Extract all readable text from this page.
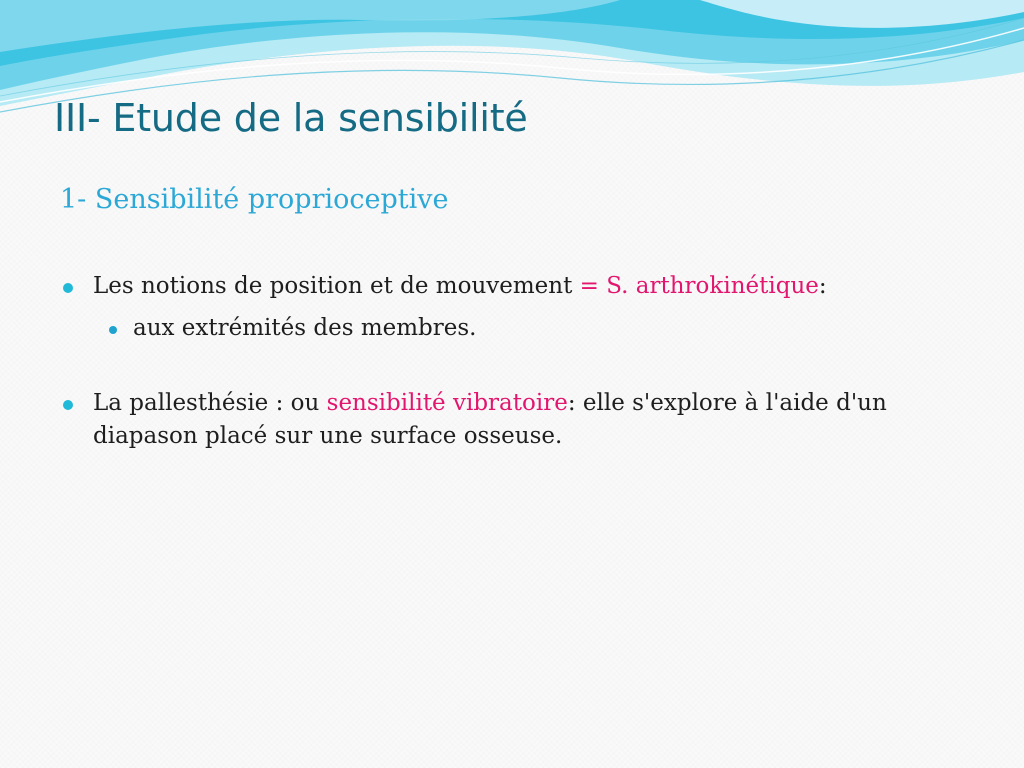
III- Etude de la sensibilité
1- Sensibilité proprioceptive
Les notions de position et de mouvement = S. arthrokinétique:
aux extrémités des membres.
La pallesthésie : ou sensibilité vibratoire: elle s'explore à l'aide d'un diapason placé sur une surface osseuse.
